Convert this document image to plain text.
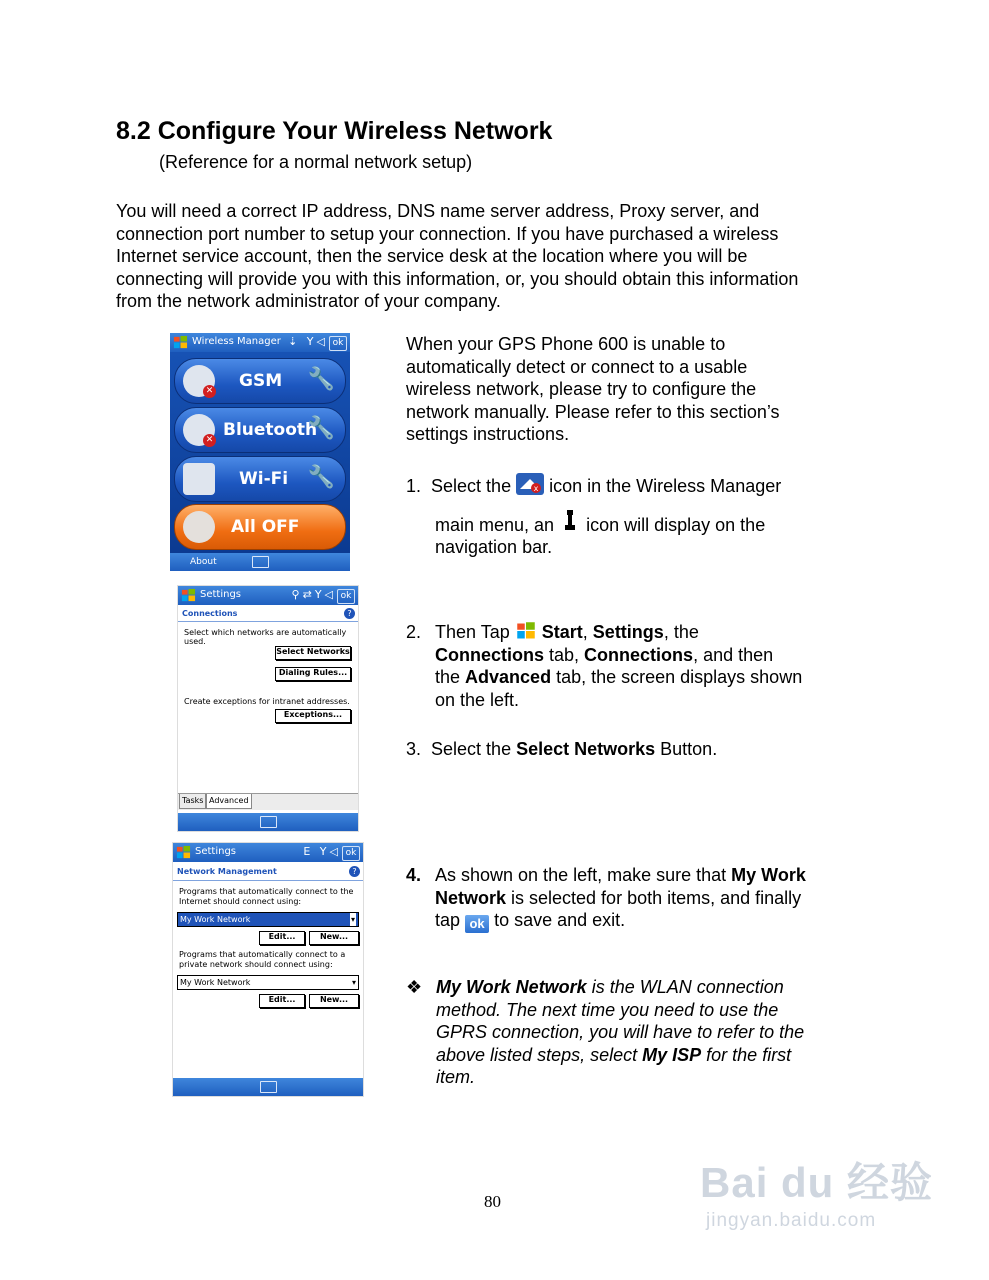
8.2 Configure Your Wireless Network
(Reference for a normal network setup)
You will need a correct IP address, DNS name server address, Proxy server, and
connection port number to setup your connection. If you have purchased a wireless
Internet service account, then the service desk at the location where you will be
connecting will provide you with this information, or, you should obtain this information
from the network administrator of your company.
Wireless Manager ⇣ Y◁ ok
✕ GSM 🔧
✕ Bluetooth
🔧
Wi-Fi 🔧
All OFF
About
Settings	⚲⇄Y◁ ok
Connections	?
Select which networks are automatically used.
Select Networks
Dialing Rules...
Create exceptions for intranet addresses.
Exceptions...
Tasks Advanced
Settings	E Y◁ ok
Network Management	?
Programs that automatically connect to the
Internet should connect using:
My Work Network	▾
Edit...	New...
Programs that automatically connect to a
private network should connect using:
My Work Network	▾
Edit...	New...
When your GPS Phone 600 is unable to
automatically detect or connect to a usable
wireless network, please try to configure the
network manually. Please refer to this section’s
settings instructions.
1. Select the	x icon in the Wireless Manager
main menu, an icon will display on the
navigation bar.
2. Then Tap Start, Settings, the
Connections tab, Connections, and then
the Advanced tab, the screen displays shown
on the left.
3. Select the Select Networks Button.
4. As shown on the left, make sure that My Work
Network is selected for both items, and finally
tap ok to save and exit.
❖ My Work Network is the WLAN connection
method. The next time you need to use the
GPRS connection, you will have to refer to the
above listed steps, select My ISP for the first
item.
80	Bai du 经验
jingyan.baidu.com
